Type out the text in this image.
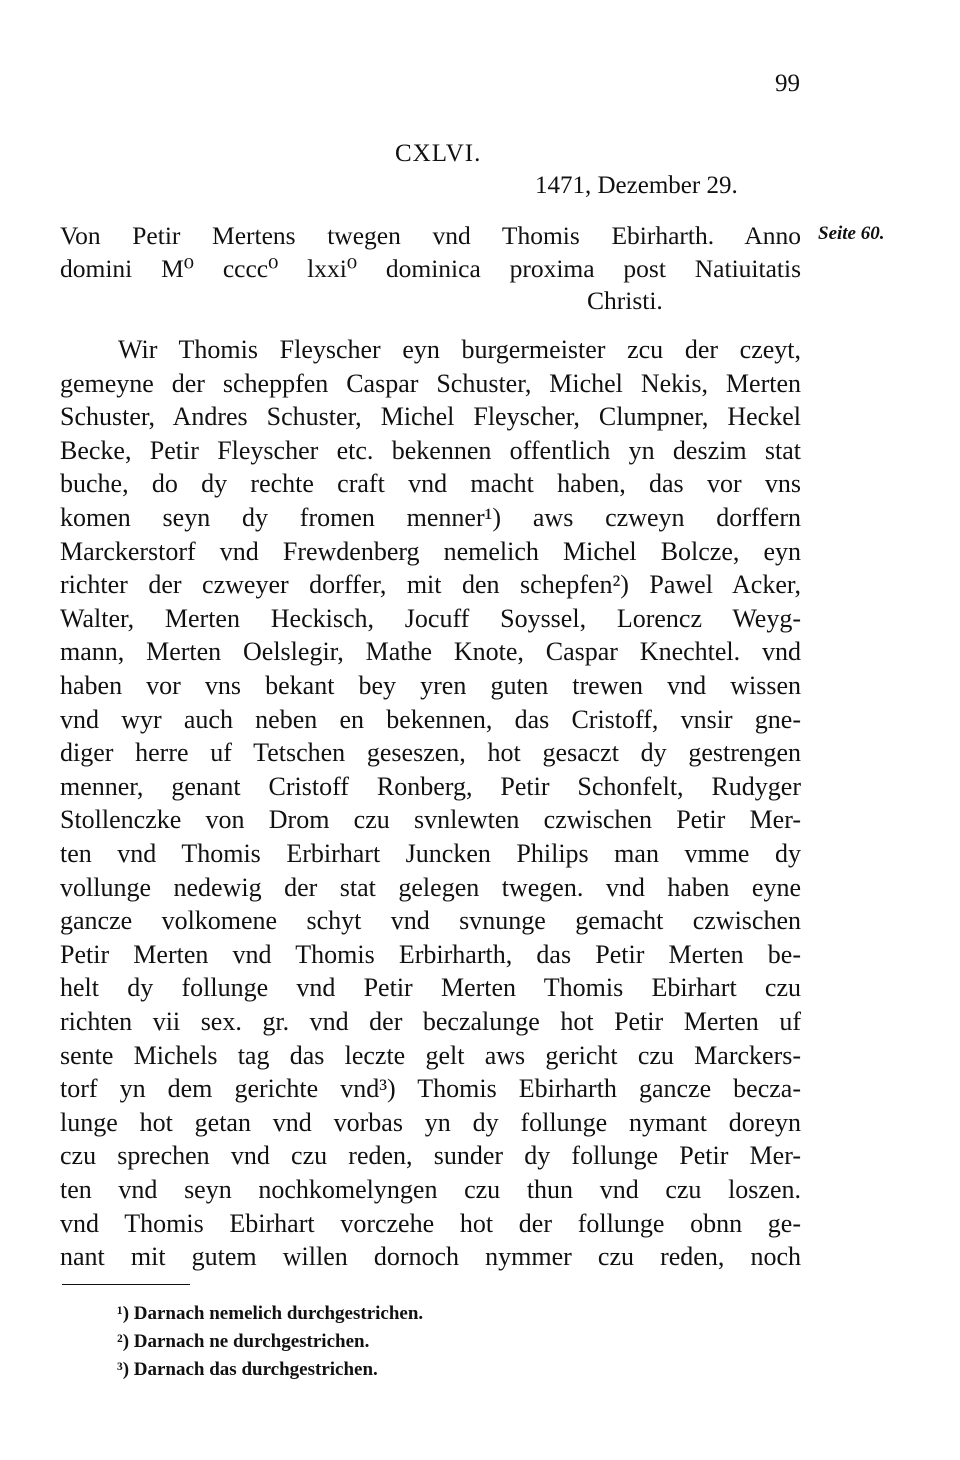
99
CXLVI.
1471, Dezember 29.
Seite 60.
Von Petir Mertens twegen vnd Thomis Ebirharth. Anno
domini M⁰ cccc⁰ lxxi⁰ dominica proxima post Natiuitatis
Christi.
Wir Thomis Fleyscher eyn burgermeister zcu der czeyt,
gemeyne der scheppfen Caspar Schuster, Michel Nekis, Merten
Schuster, Andres Schuster, Michel Fleyscher, Clumpner, Heckel
Becke, Petir Fleyscher etc. bekennen offentlich yn deszim stat
buche, do dy rechte craft vnd macht haben, das vor vns
komen seyn dy fromen menner¹) aws czweyn dorffern
Marckerstorf vnd Frewdenberg nemelich Michel Bolcze, eyn
richter der czweyer dorffer, mit den schepfen²) Pawel Acker,
Walter, Merten Heckisch, Jocuff Soyssel, Lorencz Weyg-
mann, Merten Oelslegir, Mathe Knote, Caspar Knechtel. vnd
haben vor vns bekant bey yren guten trewen vnd wissen
vnd wyr auch neben en bekennen, das Cristoff, vnsir gne-
diger herre uf Tetschen geseszen, hot gesaczt dy gestrengen
menner, genant Cristoff Ronberg, Petir Schonfelt, Rudyger
Stollenczke von Drom czu svnlewten czwischen Petir Mer-
ten vnd Thomis Erbirhart Juncken Philips man vmme dy
vollunge nedewig der stat gelegen twegen. vnd haben eyne
gancze volkomene schyt vnd svnunge gemacht czwischen
Petir Merten vnd Thomis Erbirharth, das Petir Merten be-
helt dy follunge vnd Petir Merten Thomis Ebirhart czu
richten vii sex. gr. vnd der beczalunge hot Petir Merten uf
sente Michels tag das leczte gelt aws gericht czu Marckers-
torf yn dem gerichte vnd³) Thomis Ebirharth gancze becza-
lunge hot getan vnd vorbas yn dy follunge nymant doreyn
czu sprechen vnd czu reden, sunder dy follunge Petir Mer-
ten vnd seyn nochkomelyngen czu thun vnd czu loszen.
vnd Thomis Ebirhart vorczehe hot der follunge obnn ge-
nant mit gutem willen dornoch nymmer czu reden, noch
¹) Darnach nemelich durchgestrichen.
²) Darnach ne durchgestrichen.
³) Darnach das durchgestrichen.
